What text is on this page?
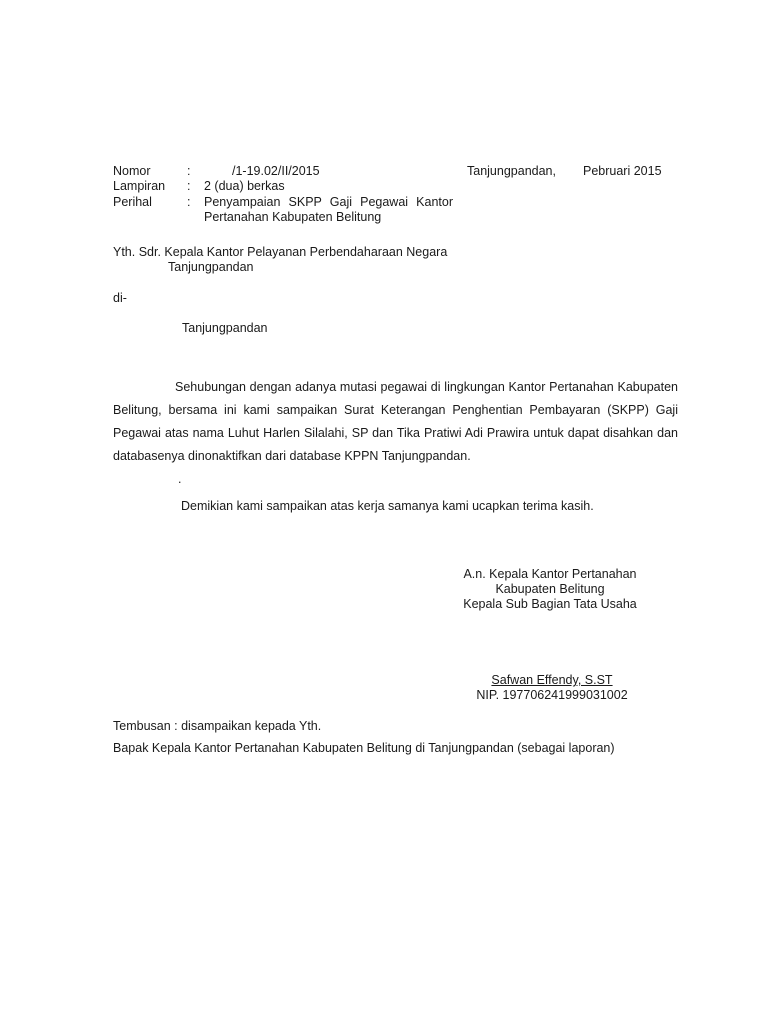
Nomor	:	/1-19.02/II/2015	Tanjungpandan, Pebruari 2015
Lampiran : 2 (dua) berkas
Perihal	: Penyampaian SKPP Gaji Pegawai Kantor
Pertanahan Kabupaten Belitung
Yth. Sdr. Kepala Kantor Pelayanan Perbendaharaan Negara
Tanjungpandan
di-
Tanjungpandan
Sehubungan dengan adanya mutasi pegawai di lingkungan Kantor Pertanahan Kabupaten Belitung, bersama ini kami sampaikan Surat Keterangan Penghentian Pembayaran (SKPP) Gaji Pegawai atas nama Luhut Harlen Silalahi, SP dan Tika Pratiwi Adi Prawira untuk dapat disahkan dan databasenya dinonaktifkan dari database KPPN Tanjungpandan.
.
Demikian kami sampaikan atas kerja samanya kami ucapkan terima kasih.
A.n. Kepala Kantor Pertanahan
Kabupaten Belitung
Kepala Sub Bagian Tata Usaha
Safwan Effendy, S.ST
NIP. 197706241999031002
Tembusan : disampaikan kepada Yth.
Bapak Kepala Kantor Pertanahan Kabupaten Belitung di Tanjungpandan (sebagai laporan)
